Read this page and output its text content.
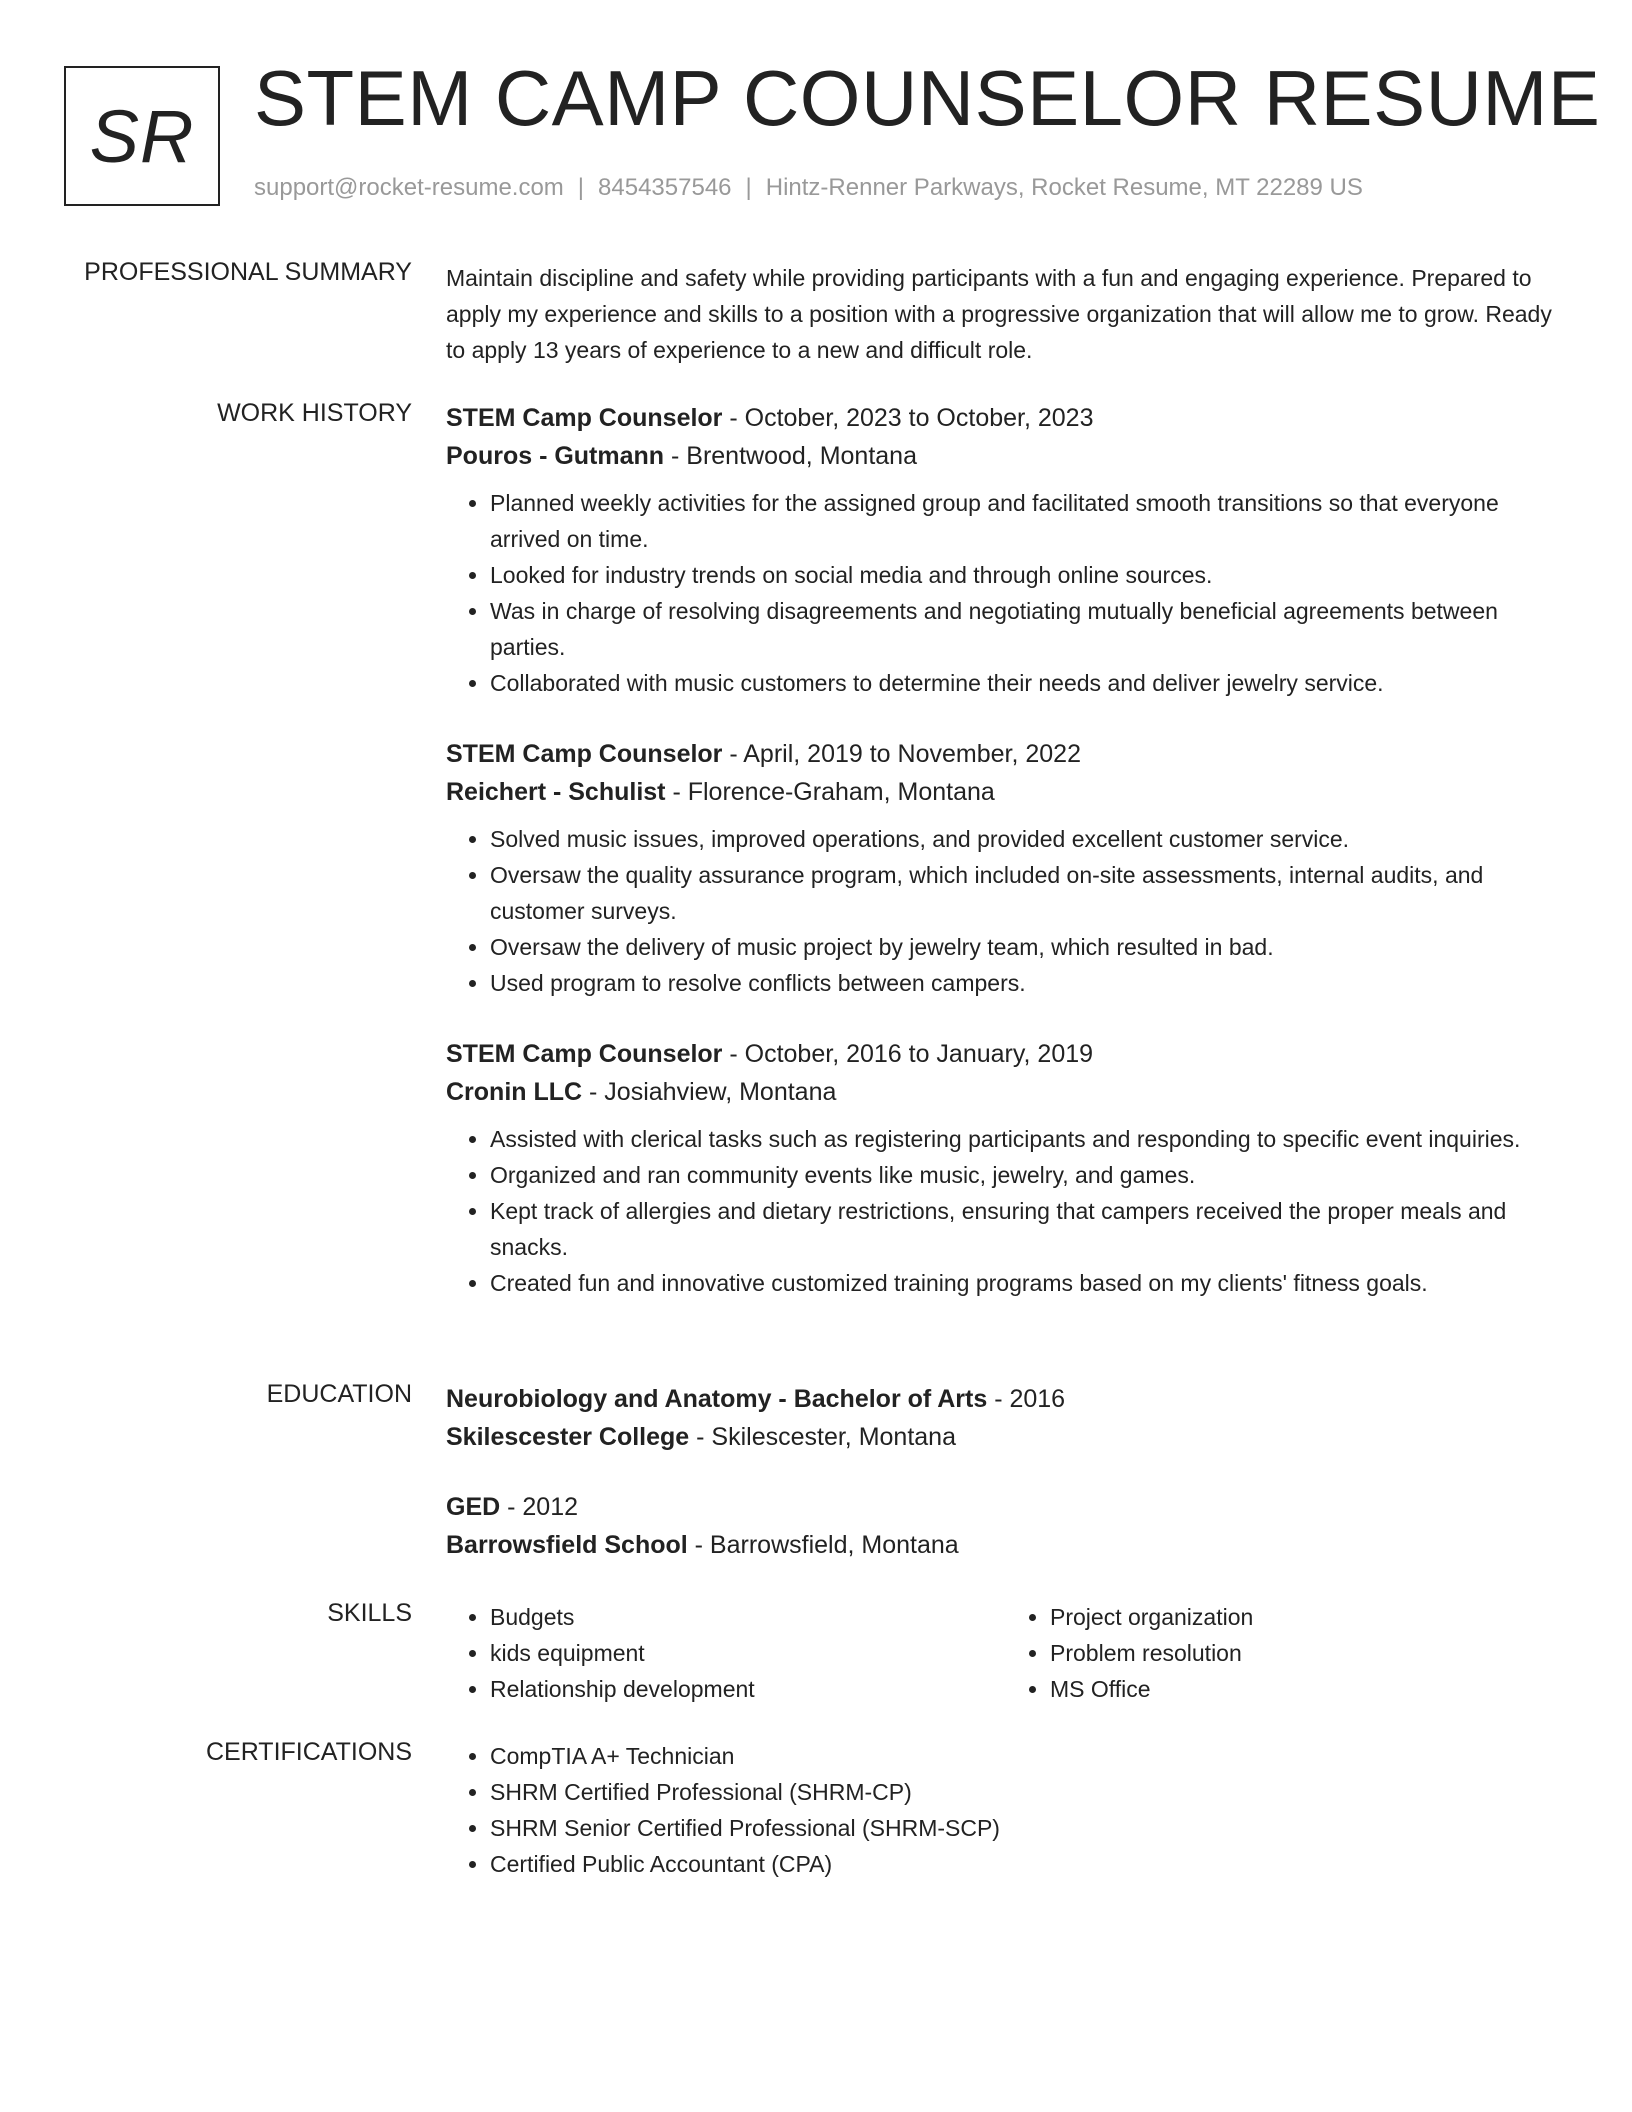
SR STEM CAMP COUNSELOR RESUME
support@rocket-resume.com | 8454357546 | Hintz-Renner Parkways, Rocket Resume, MT 22289 US
PROFESSIONAL SUMMARY Maintain discipline and safety while providing participants with a fun and engaging experience. Prepared to apply my experience and skills to a position with a progressive organization that will allow me to grow. Ready to apply 13 years of experience to a new and difficult role.

WORK HISTORY STEM Camp Counselor - October, 2023 to October, 2023
Pouros - Gutmann - Brentwood, Montana
• Planned weekly activities for the assigned group and facilitated smooth transitions so that everyone arrived on time.
• Looked for industry trends on social media and through online sources.
• Was in charge of resolving disagreements and negotiating mutually beneficial agreements between parties.
• Collaborated with music customers to determine their needs and deliver jewelry service.
STEM Camp Counselor - April, 2019 to November, 2022
Reichert - Schulist - Florence-Graham, Montana
• Solved music issues, improved operations, and provided excellent customer service.
• Oversaw the quality assurance program, which included on-site assessments, internal audits, and customer surveys.
• Oversaw the delivery of music project by jewelry team, which resulted in bad.
• Used program to resolve conflicts between campers.
STEM Camp Counselor - October, 2016 to January, 2019
Cronin LLC - Josiahview, Montana
• Assisted with clerical tasks such as registering participants and responding to specific event inquiries.
• Organized and ran community events like music, jewelry, and games.
• Kept track of allergies and dietary restrictions, ensuring that campers received the proper meals and snacks.
• Created fun and innovative customized training programs based on my clients' fitness goals.
EDUCATION Neurobiology and Anatomy - Bachelor of Arts - 2016
Skilescester College - Skilescester, Montana
GED - 2012
Barrowsfield School - Barrowsfield, Montana
SKILLS	• Budgets
• kids equipment
• Relationship development
• Project organization
• Problem resolution
• MS Office
CERTIFICATIONS	• CompTIA A+ Technician
• SHRM Certified Professional (SHRM-CP)
• SHRM Senior Certified Professional (SHRM-SCP)
• Certified Public Accountant (CPA)
